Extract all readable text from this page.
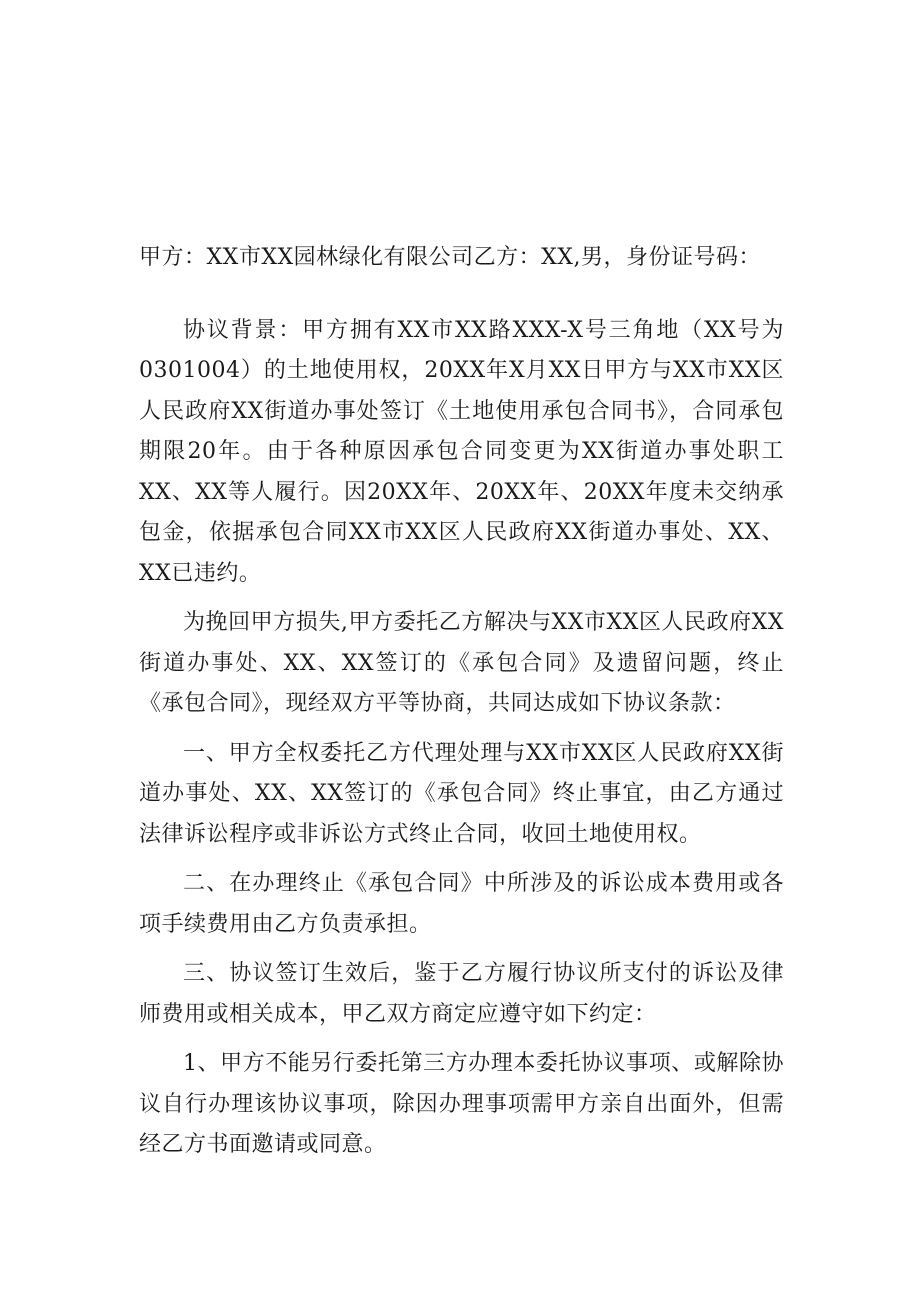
甲方：XX市XX园林绿化有限公司乙方：XX,男，身份证号码：

协议背景：甲方拥有XX市XX路XXX-X号三角地（XX号为0301004）的土地使用权，20XX年X月XX日甲方与XX市XX区人民政府XX街道办事处签订《土地使用承包合同书》，合同承包期限20年。由于各种原因承包合同变更为XX街道办事处职工XX、XX等人履行。因20XX年、20XX年、20XX年度未交纳承包金，依据承包合同XX市XX区人民政府XX街道办事处、XX、XX已违约。

为挽回甲方损失,甲方委托乙方解决与XX市XX区人民政府XX街道办事处、XX、XX签订的《承包合同》及遗留问题，终止《承包合同》，现经双方平等协商，共同达成如下协议条款：

一、甲方全权委托乙方代理处理与XX市XX区人民政府XX街道办事处、XX、XX签订的《承包合同》终止事宜，由乙方通过法律诉讼程序或非诉讼方式终止合同，收回土地使用权。

二、在办理终止《承包合同》中所涉及的诉讼成本费用或各项手续费用由乙方负责承担。

三、协议签订生效后，鉴于乙方履行协议所支付的诉讼及律师费用或相关成本，甲乙双方商定应遵守如下约定：

1、甲方不能另行委托第三方办理本委托协议事项、或解除协议自行办理该协议事项，除因办理事项需甲方亲自出面外，但需经乙方书面邀请或同意。
